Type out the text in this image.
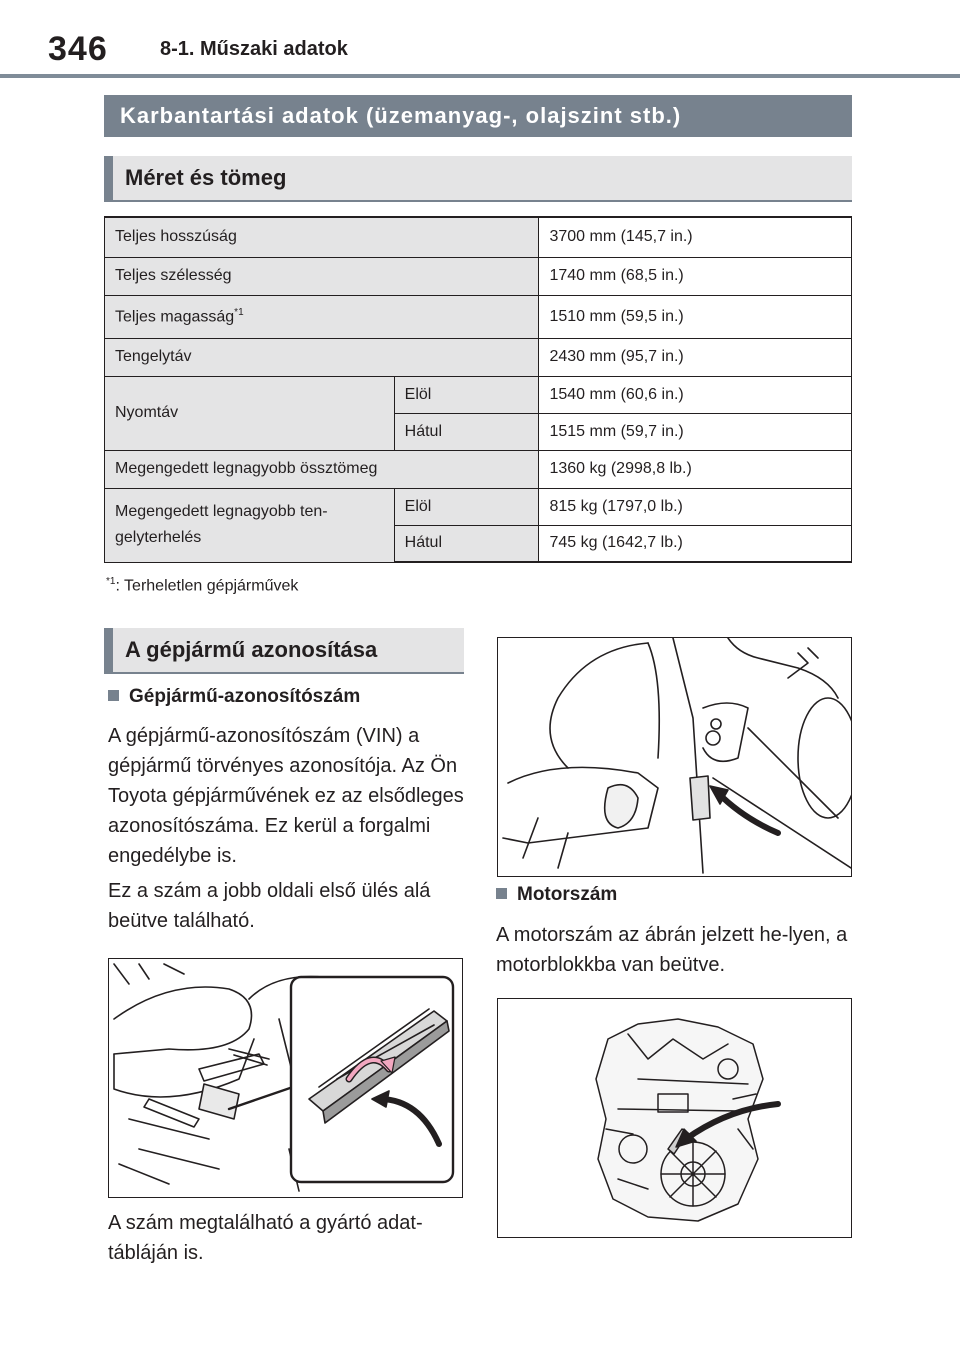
346	8-1. Műszaki adatok
Karbantartási adatok (üzemanyag-, olajszint stb.)
Méret és tömeg
Teljes hosszúság		3700 mm (145,7 in.)
Teljes szélesség		1740 mm (68,5 in.)
Teljes magasság$^{*1}$		1510 mm (59,5 in.)
Tengelytáv		2430 mm (95,7 in.)
Nyomtáv	Elöl	1540 mm (60,6 in.)
	Hátul	1515 mm (59,7 in.)
Megengedett legnagyobb össztömeg		1360 kg (2998,8 lb.)
Megengedett legnagyobb ten-gelyterhelés	Elöl	815 kg (1797,0 lb.)
	Hátul	745 kg (1642,7 lb.)
$^{*1}$: Terheletlen gépjárművek
A gépjármű azonosítása
Gépjármű-azonosítószám

A gépjármű-azonosítószám (VIN) a gépjármű törvényes azonosítója. Az Ön Toyota gépjárművének ez az elsődleges azonosítószáma. Ez kerül a forgalmi engedélybe is.

Ez a szám a jobb oldali első ülés alá beütve található.

A szám megtalálható a gyártó adat-tábláján is.

Motorszám

A motorszám az ábrán jelzett he-lyen, a motorblokkba van beütve.
